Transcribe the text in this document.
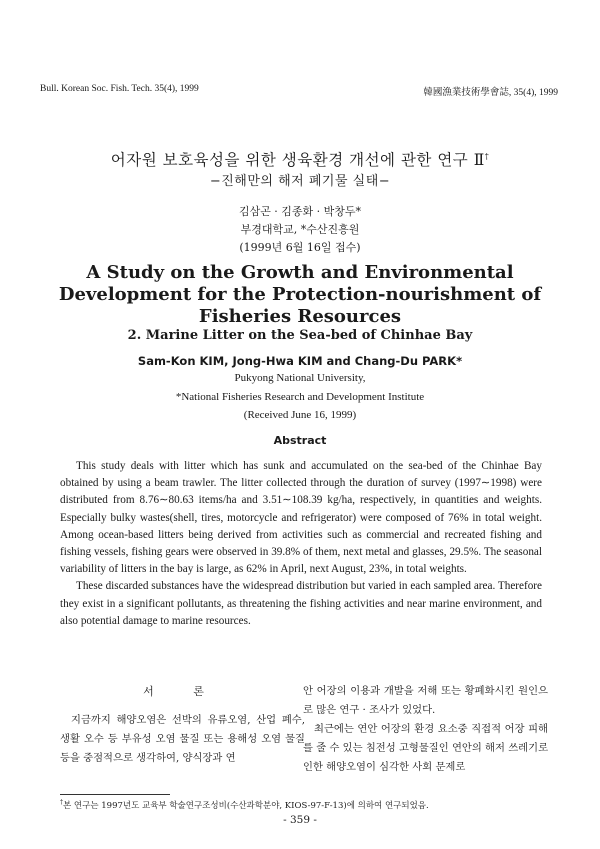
Bull. Korean Soc. Fish. Tech. 35(4), 1999	韓國漁業技術學會誌, 35(4), 1999
어자원 보호육성을 위한 생육환경 개선에 관한 연구 Ⅱ†
−진해만의 해저 폐기물 실태−
김삼곤 · 김종화 · 박창두*
부경대학교, *수산진흥원
(1999년 6월 16일 접수)
A Study on the Growth and Environmental
Development for the Protection-nourishment of
Fisheries Resources
2. Marine Litter on the Sea-bed of Chinhae Bay
Sam-Kon KIM, Jong-Hwa KIM and Chang-Du PARK*
Pukyong National University,
*National Fisheries Research and Development Institute
(Received June 16, 1999)
Abstract

This study deals with litter which has sunk and accumulated on the sea-bed of the Chinhae Bay obtained by using a beam trawler. The litter collected through the duration of survey (1997∼1998) were distributed from 8.76∼80.63 items/ha and 3.51∼108.39 kg/ha, respectively, in quantities and weights. Especially bulky wastes(shell, tires, motorcycle and refrigerator) were composed of 76% in total weight. Among ocean-based litters being derived from activities such as commercial and recreated fishing and fishing vessels, fishing gears were observed in 39.8% of them, next metal and glasses, 29.5%. The seasonal variability of litters in the bay is large, as 62% in April, next August, 23%, in total weights.

These discarded substances have the widespread distribution but varied in each sampled area. Therefore they exist in a significant pollutants, as threatening the fishing activities and near marine environment, and also potential damage to marine resources.

서 론

지금까지 해양오염은 선박의 유류오염, 산업 폐수, 생활 오수 등 부유성 오염 물질 또는 용해성 오염 물질 등을 중점적으로 생각하여, 양식장과 연

안 어장의 이용과 개발을 저해 또는 황폐화시킨 원인으로 많은 연구 · 조사가 있었다.

최근에는 연안 어장의 환경 요소중 직접적 어장 피해를 줄 수 있는 침전성 고형물질인 연안의 해저 쓰레기로 인한 해양오염이 심각한 사회 문제로

†본 연구는 1997년도 교육부 학술연구조성비(수산과학분야, KIOS-97-F-13)에 의하여 연구되었음.
- 359 -
